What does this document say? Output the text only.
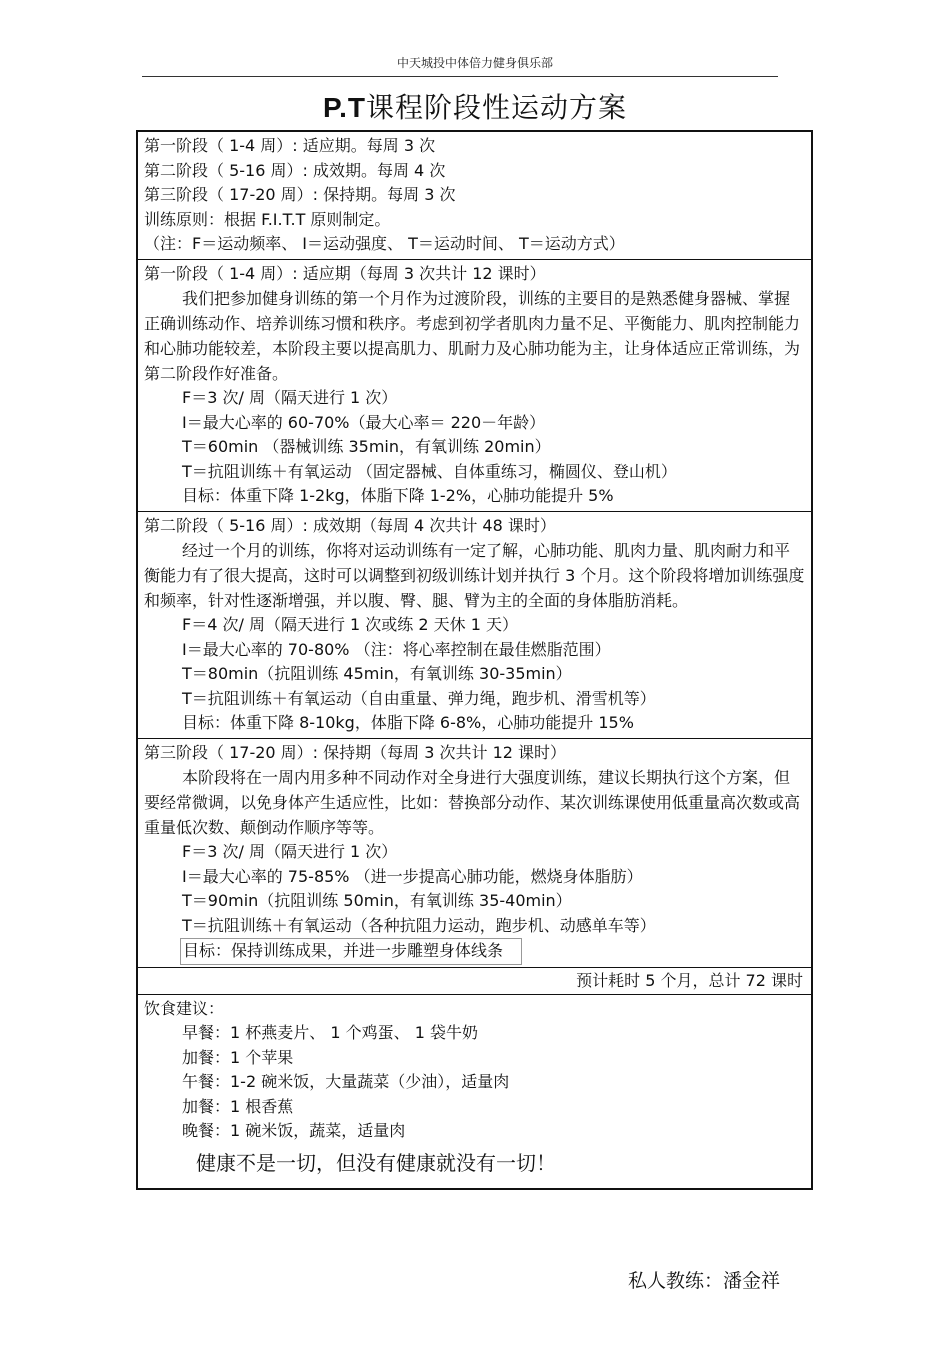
中天城投中体倍力健身俱乐部
P.T课程阶段性运动方案
第一阶段（ 1-4 周）: 适应期。每周 3 次
第二阶段（ 5-16 周）: 成效期。每周 4 次
第三阶段（ 17-20 周）: 保持期。每周 3 次
训练原则：根据 F.I.T.T 原则制定。
（注：F＝运动频率、 I＝运动强度、 T＝运动时间、 T＝运动方式）
第一阶段（ 1-4 周）: 适应期（每周 3 次共计 12 课时）
我们把参加健身训练的第一个月作为过渡阶段，训练的主要目的是熟悉健身器械、掌握正确训练动作、培养训练习惯和秩序。考虑到初学者肌肉力量不足、平衡能力、肌肉控制能力和心肺功能较差，本阶段主要以提高肌力、肌耐力及心肺功能为主，让身体适应正常训练，为第二阶段作好准备。
F＝3 次/ 周（隔天进行 1 次）
I＝最大心率的 60-70%（最大心率＝ 220－年龄）
T＝60min （器械训练 35min，有氧训练 20min）
T＝抗阻训练＋有氧运动 （固定器械、自体重练习，椭圆仪、登山机）
目标：体重下降 1-2kg，体脂下降 1-2%，心肺功能提升 5%
第二阶段（ 5-16 周）: 成效期（每周 4 次共计 48 课时）
经过一个月的训练，你将对运动训练有一定了解，心肺功能、肌肉力量、肌肉耐力和平衡能力有了很大提高，这时可以调整到初级训练计划并执行 3 个月。这个阶段将增加训练强度和频率，针对性逐渐增强，并以腹、臀、腿、臂为主的全面的身体脂肪消耗。
F＝4 次/ 周（隔天进行 1 次或练 2 天休 1 天）
I＝最大心率的 70-80% （注：将心率控制在最佳燃脂范围）
T＝80min（抗阻训练 45min，有氧训练 30-35min）
T＝抗阻训练＋有氧运动（自由重量、弹力绳，跑步机、滑雪机等）
目标：体重下降 8-10kg，体脂下降 6-8%，心肺功能提升 15%
第三阶段（ 17-20 周）: 保持期（每周 3 次共计 12 课时）
本阶段将在一周内用多种不同动作对全身进行大强度训练，建议长期执行这个方案，但要经常微调，以免身体产生适应性，比如：替换部分动作、某次训练课使用低重量高次数或高重量低次数、颠倒动作顺序等等。
F＝3 次/ 周（隔天进行 1 次）
I＝最大心率的 75-85% （进一步提高心肺功能，燃烧身体脂肪）
T＝90min（抗阻训练 50min，有氧训练 35-40min）
T＝抗阻训练＋有氧运动（各种抗阻力运动，跑步机、动感单车等）
目标：保持训练成果，并进一步雕塑身体线条
预计耗时 5 个月，总计 72 课时
饮食建议：
早餐：1 杯燕麦片、 1 个鸡蛋、 1 袋牛奶
加餐：1 个苹果
午餐：1-2 碗米饭，大量蔬菜（少油），适量肉
加餐：1 根香蕉
晚餐：1 碗米饭，蔬菜，适量肉
健康不是一切，但没有健康就没有一切！
私人教练：潘金祥
